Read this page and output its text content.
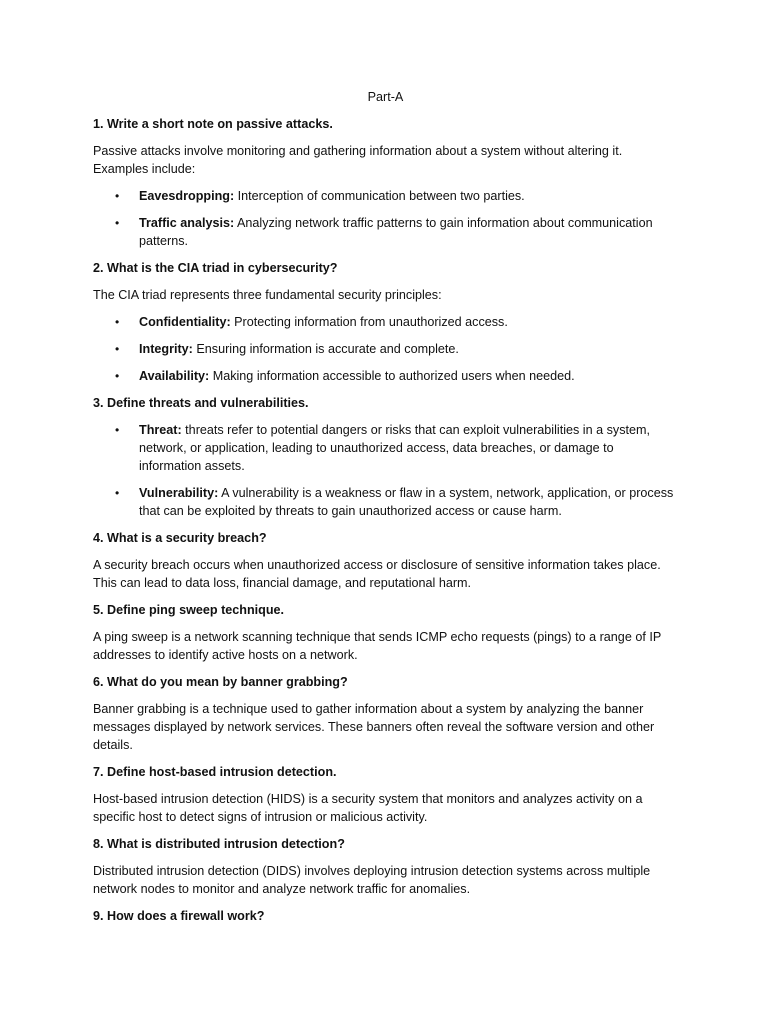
Part-A
1. Write a short note on passive attacks.
Passive attacks involve monitoring and gathering information about a system without altering it. Examples include:
• Eavesdropping: Interception of communication between two parties.
• Traffic analysis: Analyzing network traffic patterns to gain information about communication patterns.
2. What is the CIA triad in cybersecurity?
The CIA triad represents three fundamental security principles:
• Confidentiality: Protecting information from unauthorized access.
• Integrity: Ensuring information is accurate and complete.
• Availability: Making information accessible to authorized users when needed.
3. Define threats and vulnerabilities.
• Threat: threats refer to potential dangers or risks that can exploit vulnerabilities in a system, network, or application, leading to unauthorized access, data breaches, or damage to information assets.
• Vulnerability: A vulnerability is a weakness or flaw in a system, network, application, or process that can be exploited by threats to gain unauthorized access or cause harm.
4. What is a security breach?
A security breach occurs when unauthorized access or disclosure of sensitive information takes place. This can lead to data loss, financial damage, and reputational harm.
5. Define ping sweep technique.
A ping sweep is a network scanning technique that sends ICMP echo requests (pings) to a range of IP addresses to identify active hosts on a network.
6. What do you mean by banner grabbing?
Banner grabbing is a technique used to gather information about a system by analyzing the banner messages displayed by network services. These banners often reveal the software version and other details.
7. Define host-based intrusion detection.
Host-based intrusion detection (HIDS) is a security system that monitors and analyzes activity on a specific host to detect signs of intrusion or malicious activity.
8. What is distributed intrusion detection?
Distributed intrusion detection (DIDS) involves deploying intrusion detection systems across multiple network nodes to monitor and analyze network traffic for anomalies.
9. How does a firewall work?
